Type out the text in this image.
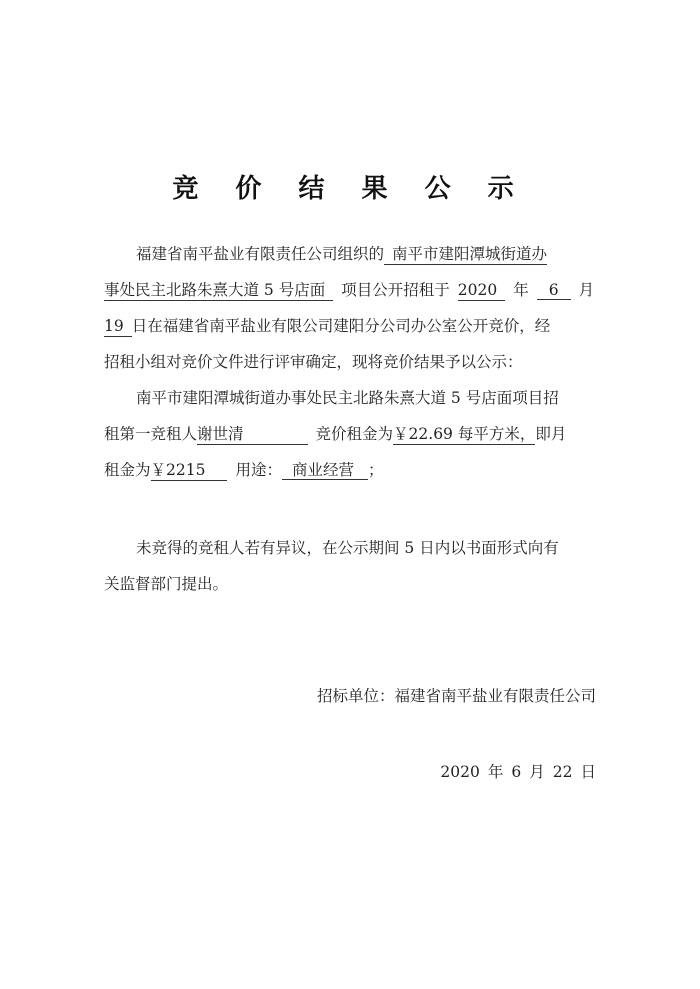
竞 价 结 果 公 示
福建省南平盐业有限责任公司组织的 南平市建阳潭城街道办
事处民主北路朱熹大道 5 号店面 项目公开招租于 2020 年 6 月
19 日在福建省南平盐业有限公司建阳分公司办公室公开竞价，经
招租小组对竞价文件进行评审确定，现将竞价结果予以公示：
南平市建阳潭城街道办事处民主北路朱熹大道 5 号店面项目招
租第一竞租人谢世清	竞价租金为￥22.69 每平方米，即月
租金为￥2215 用途： 商业经营 ；
未竞得的竞租人若有异议，在公示期间 5 日内以书面形式向有
关监督部门提出。
招标单位：福建省南平盐业有限责任公司
2020 年 6 月 22 日
